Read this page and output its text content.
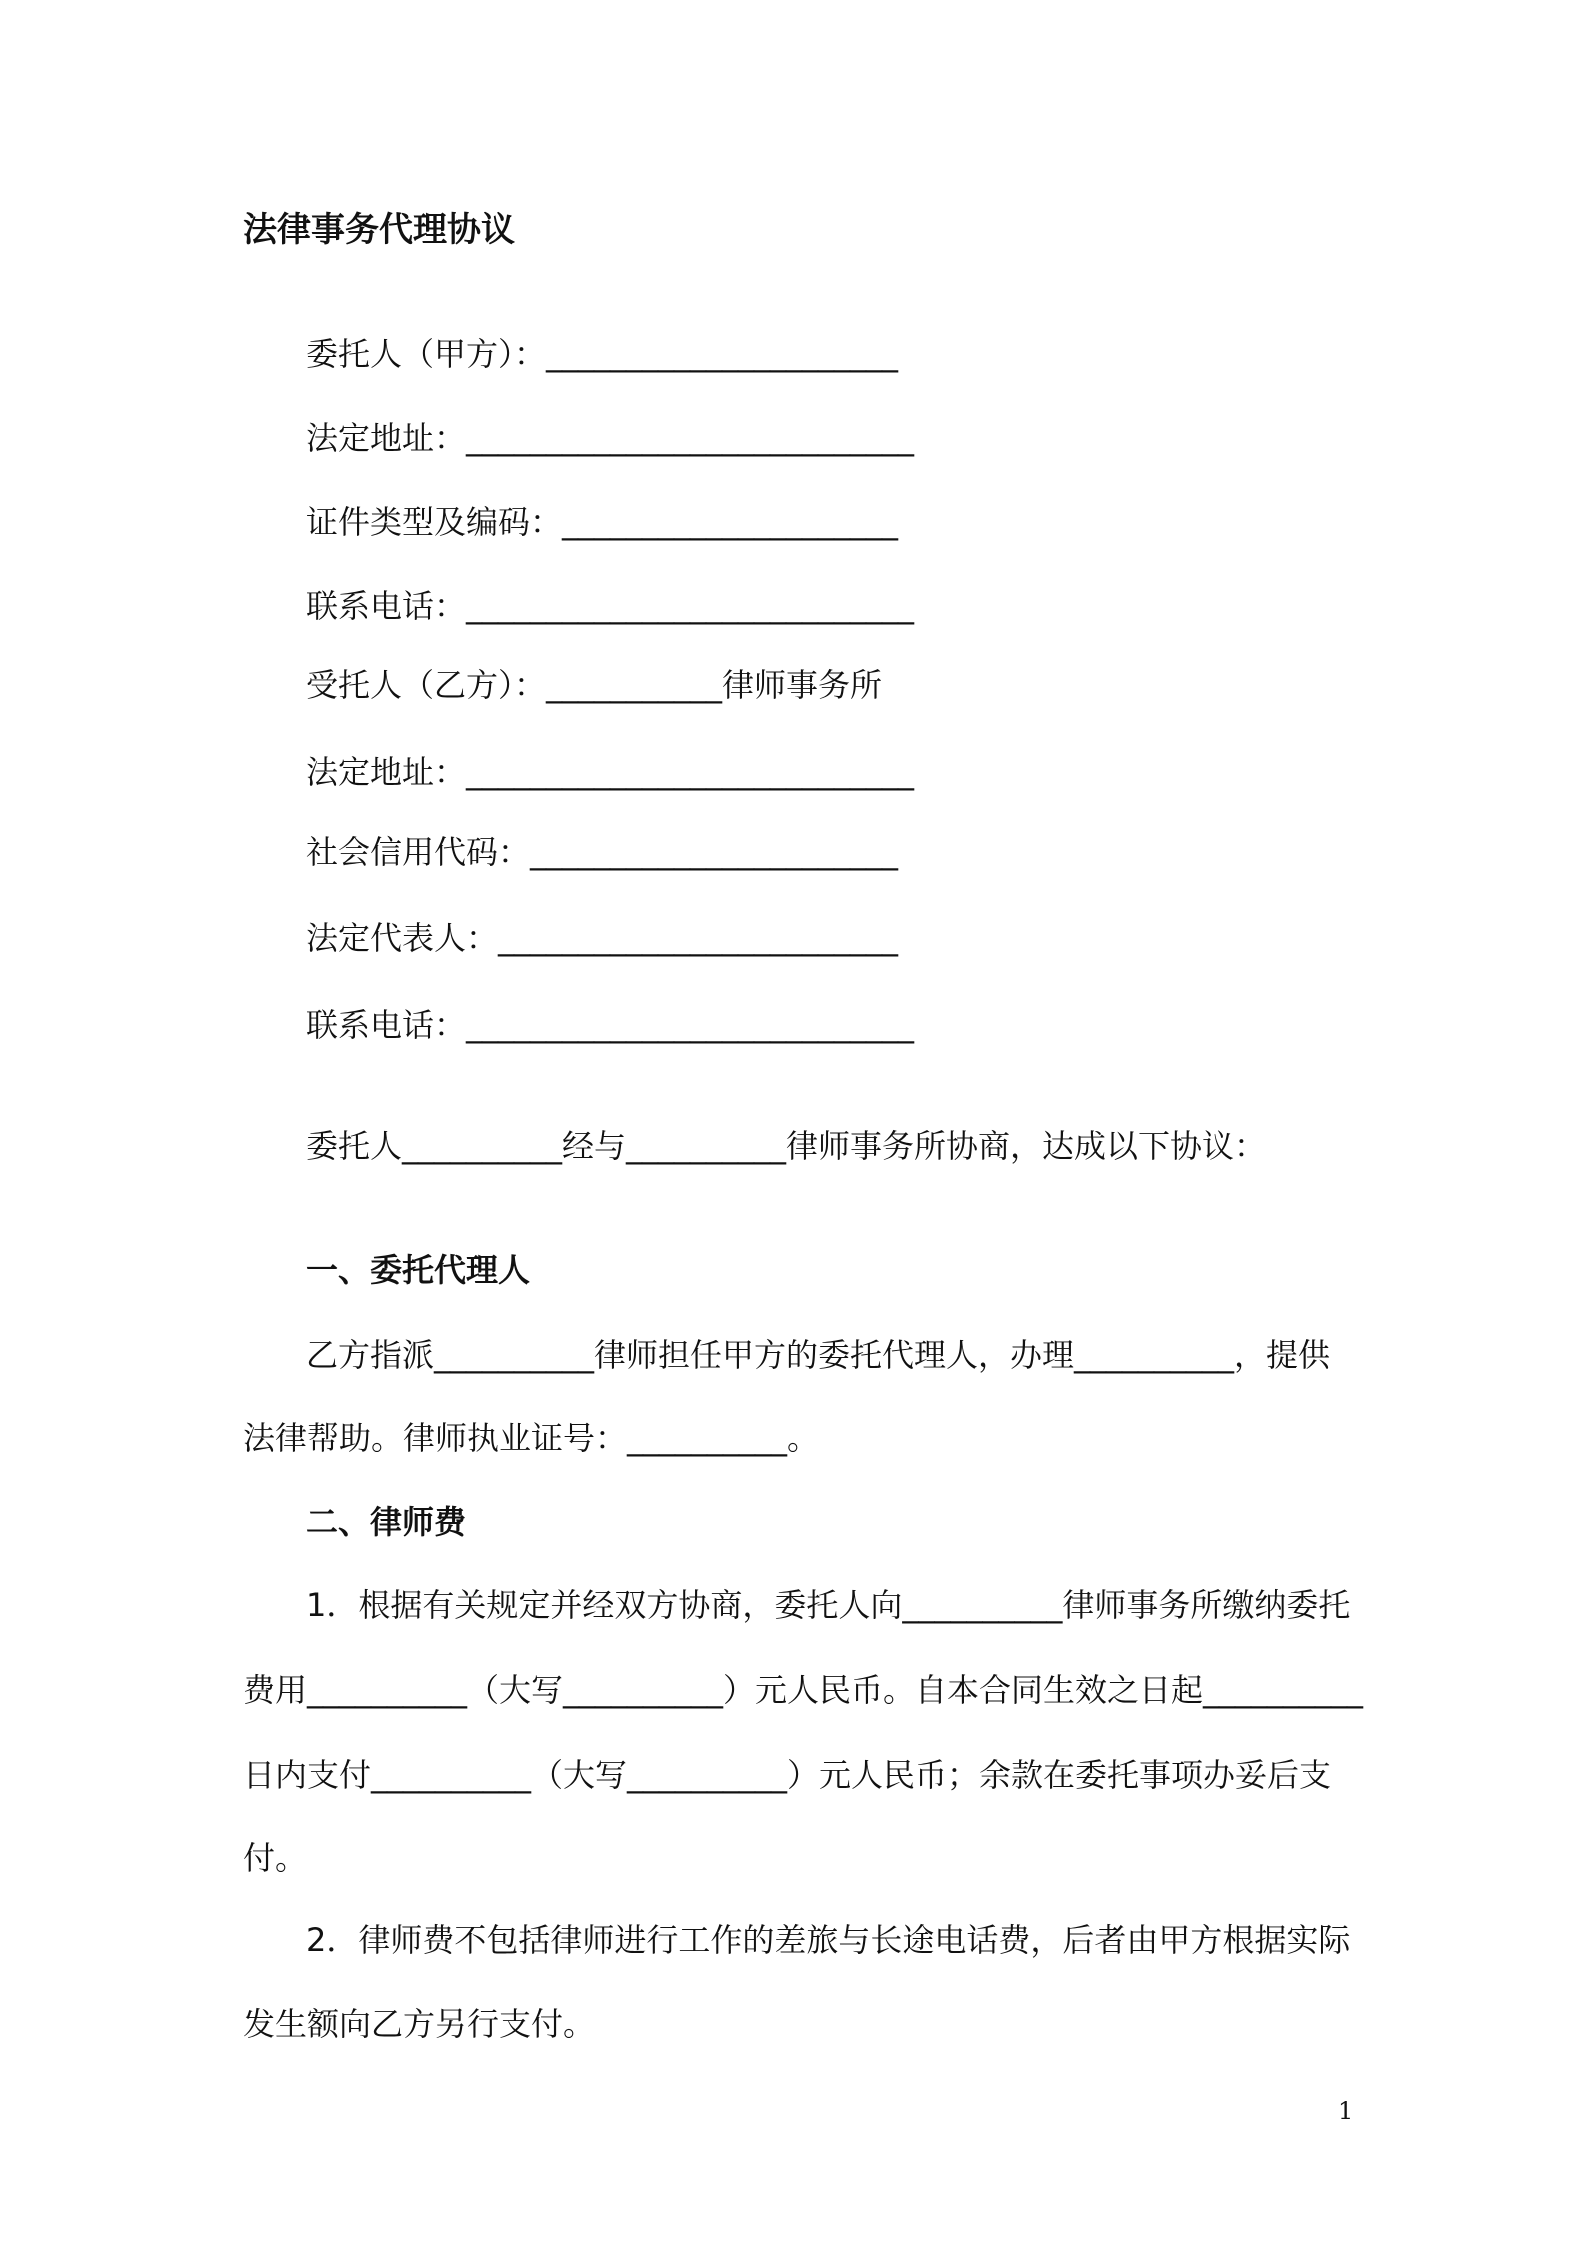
法律事务代理协议
委托人（甲方）：______________________
法定地址：____________________________
证件类型及编码：_____________________
联系电话：____________________________
受托人（乙方）：___________律师事务所
法定地址：____________________________
社会信用代码：_______________________
法定代表人：_________________________
联系电话：____________________________
委托人__________经与__________律师事务所协商，达成以下协议：
一、委托代理人
乙方指派__________律师担任甲方的委托代理人，办理__________，提供
法律帮助。律师执业证号：__________。
二、律师费
1．根据有关规定并经双方协商，委托人向__________律师事务所缴纳委托
费用__________（大写__________）元人民币。自本合同生效之日起__________
日内支付__________（大写__________）元人民币；余款在委托事项办妥后支
付。
2．律师费不包括律师进行工作的差旅与长途电话费，后者由甲方根据实际
发生额向乙方另行支付。
1
